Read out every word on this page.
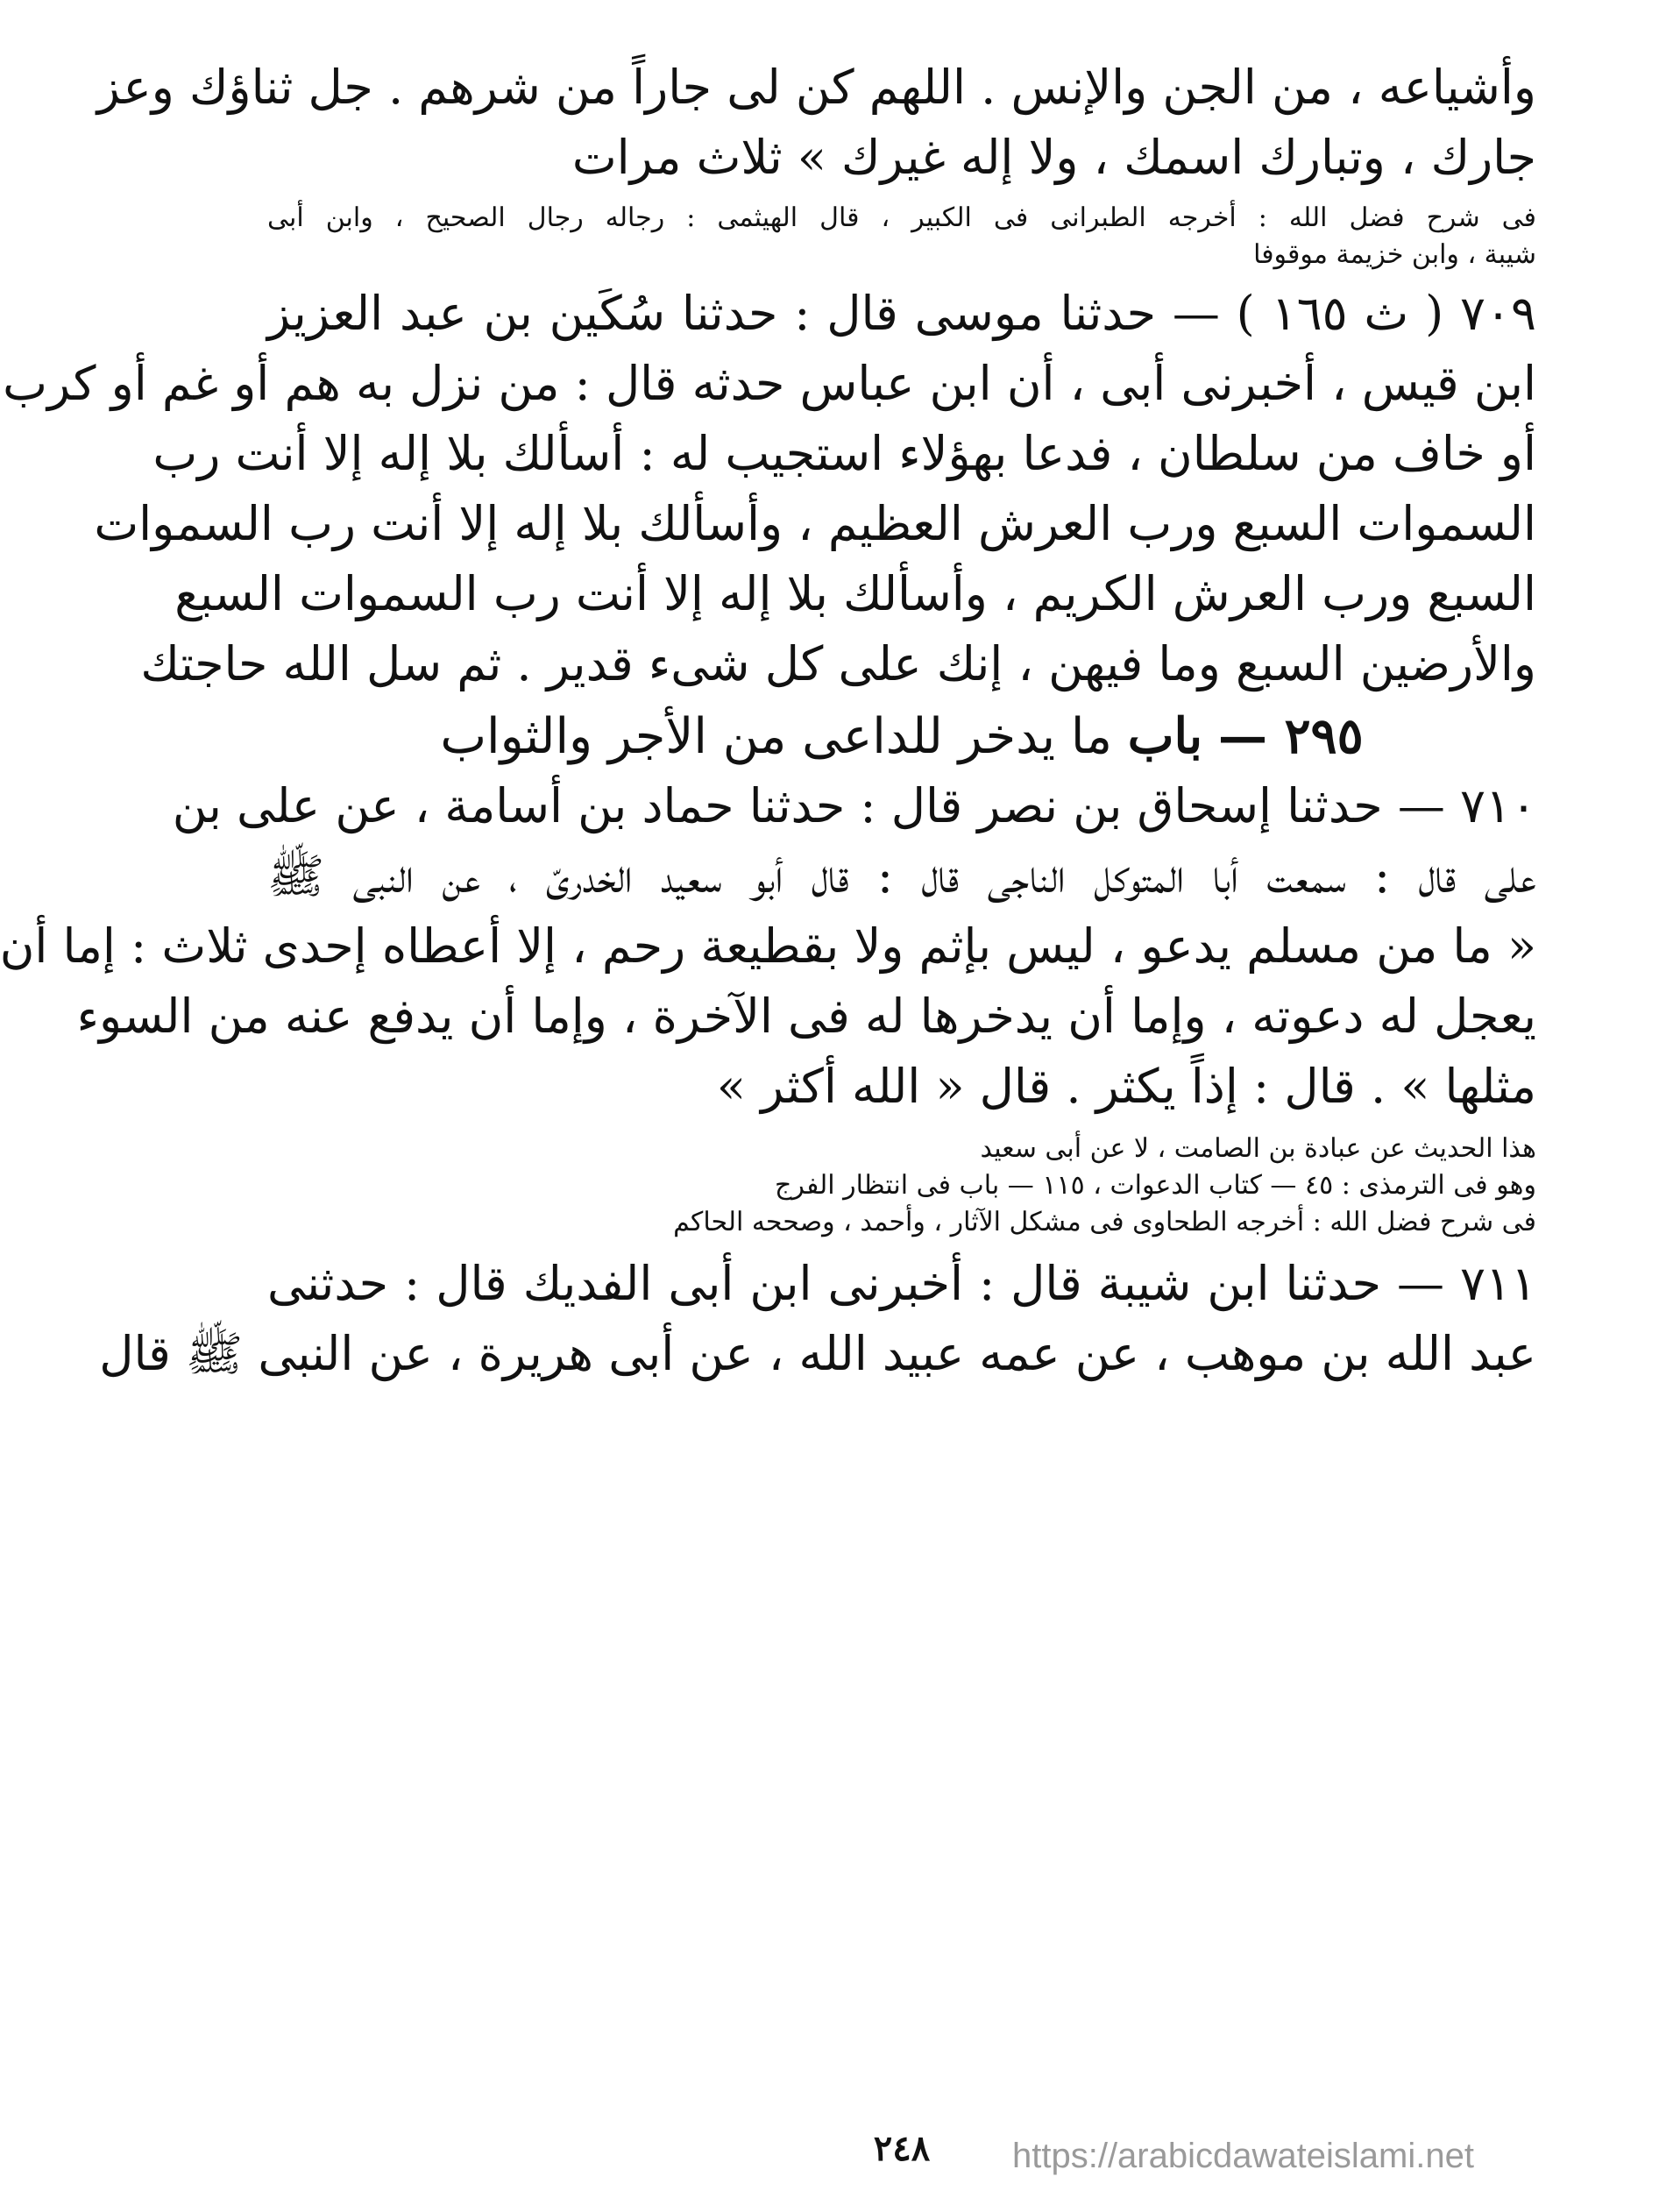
وأشياعه ، من الجن والإنس . اللهم كن لى جاراً من شرهم . جل ثناؤك وعز
جارك ، وتبارك اسمك ، ولا إله غيرك » ثلاث مرات
فى شرح فضل الله : أخرجه الطبرانى فى الكبير ، قال الهيثمى : رجاله رجال الصحيح ، وابن أبى
شيبة ، وابن خزيمة موقوفا
٧٠٩ ( ث ١٦٥ ) — حدثنا موسى قال : حدثنا سُكَين بن عبد العزيز
ابن قيس ، أخبرنى أبى ، أن ابن عباس حدثه قال : من نزل به هم أو غم أو كرب
أو خاف من سلطان ، فدعا بهؤلاء استجيب له : أسألك بلا إله إلا أنت رب
السموات السبع ورب العرش العظيم ، وأسألك بلا إله إلا أنت رب السموات
السبع ورب العرش الكريم ، وأسألك بلا إله إلا أنت رب السموات السبع
والأرضين السبع وما فيهن ، إنك على كل شىء قدير . ثم سل الله حاجتك
٢٩٥ — باب ما يدخر للداعى من الأجر والثواب
٧١٠ — حدثنا إسحاق بن نصر قال : حدثنا حماد بن أسامة ، عن على بن
على قال : سمعت أبا المتوكل الناجى قال : قال أبو سعيد الخدرىّ ، عن النبى ﷺ
« ما من مسلم يدعو ، ليس بإثم ولا بقطيعة رحم ، إلا أعطاه إحدى ثلاث : إما أن
يعجل له دعوته ، وإما أن يدخرها له فى الآخرة ، وإما أن يدفع عنه من السوء
مثلها » . قال : إذاً يكثر . قال « الله أكثر »
هذا الحديث عن عبادة بن الصامت ، لا عن أبى سعيد
وهو فى الترمذى : ٤٥ — كتاب الدعوات ، ١١٥ — باب فى انتظار الفرج
فى شرح فضل الله : أخرجه الطحاوى فى مشكل الآثار ، وأحمد ، وصححه الحاكم
٧١١ — حدثنا ابن شيبة قال : أخبرنى ابن أبى الفديك قال : حدثنى
عبد الله بن موهب ، عن عمه عبيد الله ، عن أبى هريرة ، عن النبى ﷺ قال
٢٤٨	https://arabicdawateislami.net
